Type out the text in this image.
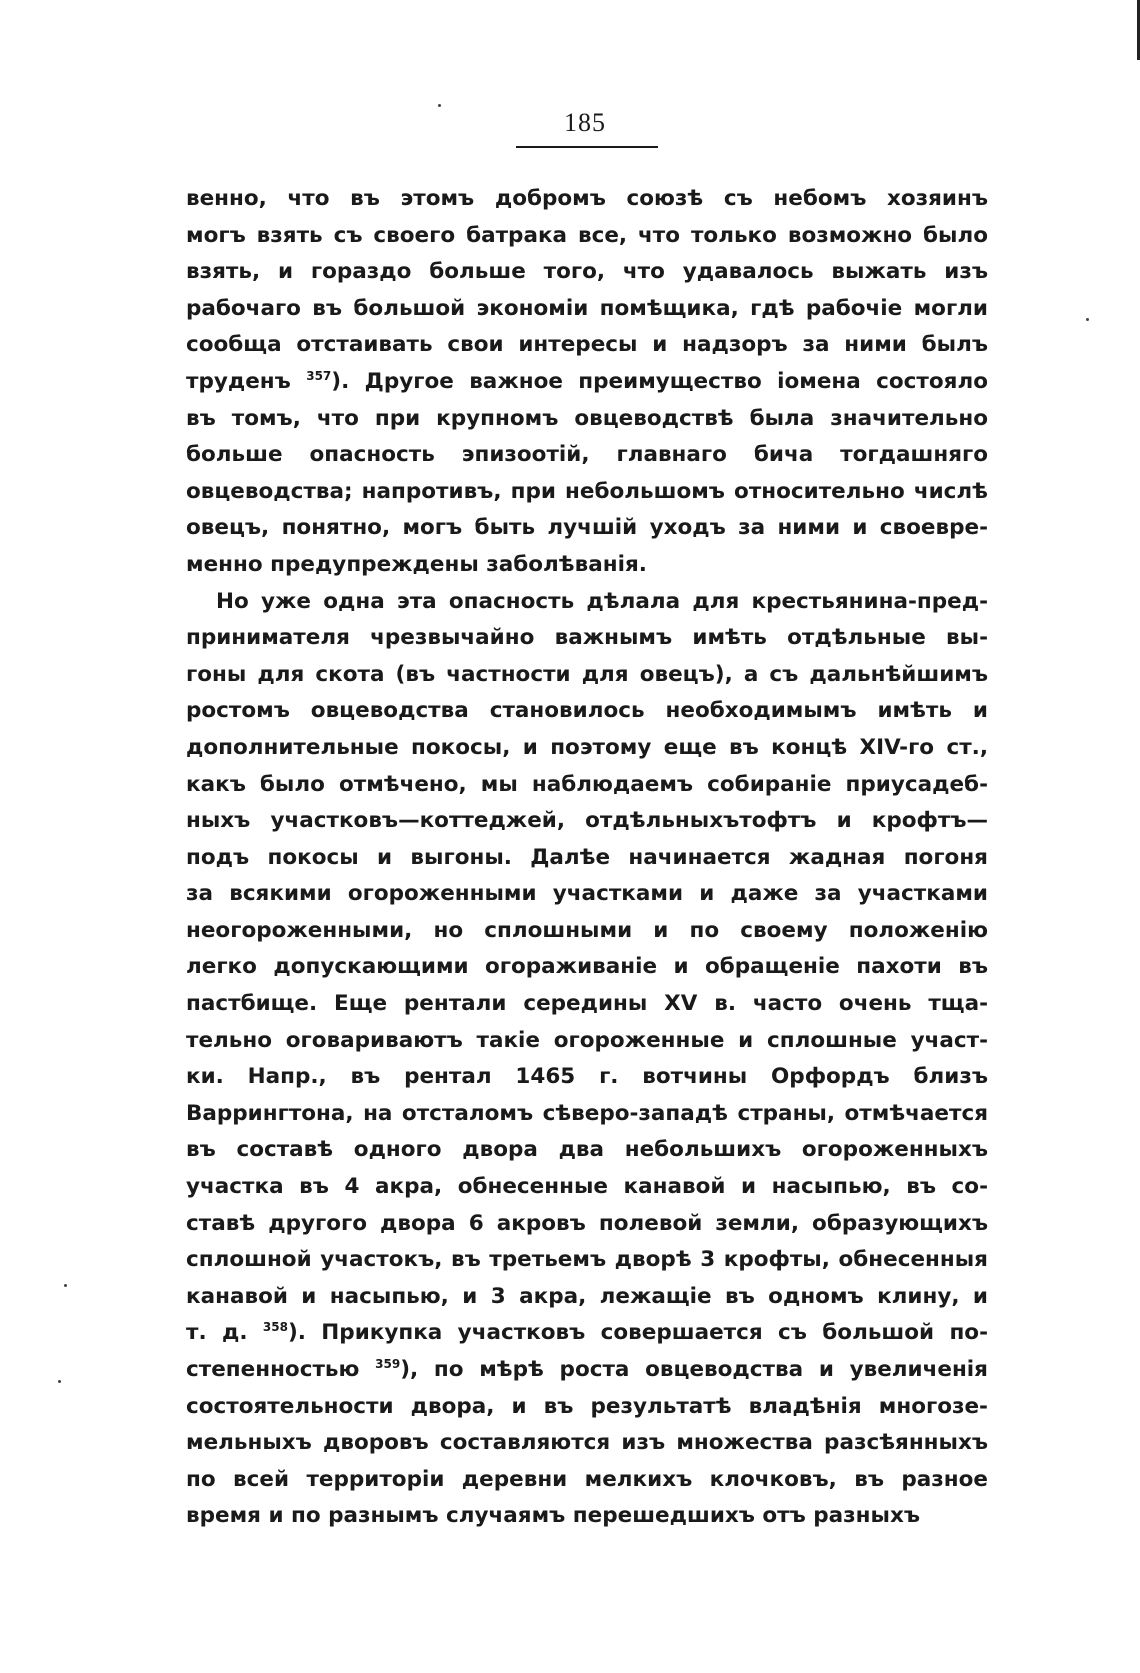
185
венно, что въ этомъ добромъ союзѣ съ небомъ хозяинъ
могъ взять съ своего батрака все, что только возможно было
взять, и гораздо больше того, что удавалось выжать изъ
рабочаго въ большой экономіи помѣщика, гдѣ рабочіе могли
сообща отстаивать свои интересы и надзоръ за ними былъ
труденъ $^{357}$). Другое важное преимущество іомена состояло
въ томъ, что при крупномъ овцеводствѣ была значительно
больше опасность эпизоотій, главнаго бича тогдашняго
овцеводства; напротивъ, при небольшомъ относительно числѣ
овецъ, понятно, могъ быть лучшій уходъ за ними и своевре-
менно предупреждены заболѣванія.
Но уже одна эта опасность дѣлала для крестьянина-пред-
принимателя чрезвычайно важнымъ имѣть отдѣльные вы-
гоны для скота (въ частности для овецъ), а съ дальнѣйшимъ
ростомъ овцеводства становилось необходимымъ имѣть и
дополнительные покосы, и поэтому еще въ концѣ XIV-го ст.,
какъ было отмѣчено, мы наблюдаемъ собираніе приусадеб-
ныхъ участковъ—коттеджей, отдѣльныхътофтъ и крофтъ—
подъ покосы и выгоны. Далѣе начинается жадная погоня
за всякими огороженными участками и даже за участками
неогороженными, но сплошными и по своему положенію
легко допускающими огораживаніе и обращеніе пахоти въ
пастбище. Еще рентали середины XV в. часто очень тща-
тельно оговариваютъ такіе огороженные и сплошные участ-
ки. Напр., въ рентал 1465 г. вотчины Орфордъ близъ
Варрингтона, на отсталомъ сѣверо-западѣ страны, отмѣчается
въ составѣ одного двора два небольшихъ огороженныхъ
участка въ 4 акра, обнесенные канавой и насыпью, въ со-
ставѣ другого двора 6 акровъ полевой земли, образующихъ
сплошной участокъ, въ третьемъ дворѣ 3 крофты, обнесенныя
канавой и насыпью, и 3 акра, лежащіе въ одномъ клину, и
т. д. $^{358}$). Прикупка участковъ совершается съ большой по-
степенностью $^{359}$), по мѣрѣ роста овцеводства и увеличенія
состоятельности двора, и въ результатѣ владѣнія многозе-
мельныхъ дворовъ составляются изъ множества разсѣянныхъ
по всей территоріи деревни мелкихъ клочковъ, въ разное
время и по разнымъ случаямъ перешедшихъ отъ разныхъ
